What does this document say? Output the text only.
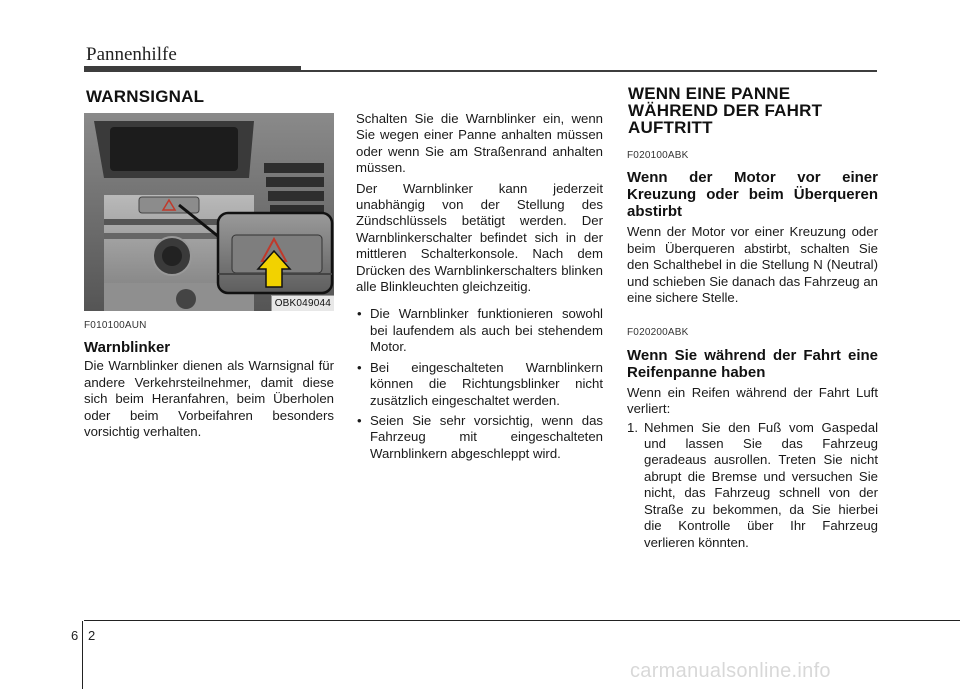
Pannenhilfe
WARNSIGNAL
OBK049044
F010100AUN
Warnblinker

Die Warnblinker dienen als Warnsignal für andere Verkehrsteilnehmer, damit diese sich beim Heranfahren, beim Überholen oder beim Vorbeifahren besonders vorsichtig verhalten.

Schalten Sie die Warnblinker ein, wenn Sie wegen einer Panne anhalten müssen oder wenn Sie am Straßenrand anhalten müssen.

Der Warnblinker kann jederzeit unabhängig von der Stellung des Zündschlüssels betätigt werden. Der Warnblinkerschalter befindet sich in der mittleren Schalterkonsole. Nach dem Drücken des Warnblinkerschalters blinken alle Blinkleuchten gleichzeitig.

• Die Warnblinker funktionieren sowohl bei laufendem als auch bei stehendem Motor.
• Bei eingeschalteten Warnblinkern können die Richtungsblinker nicht zusätzlich eingeschaltet werden.
• Seien Sie sehr vorsichtig, wenn das Fahrzeug mit eingeschalteten Warnblinkern abgeschleppt wird.
WENN EINE PANNE
WÄHREND DER FAHRT
AUFTRITT
F020100ABK
Wenn der Motor vor einer Kreuzung oder beim Überqueren abstirbt

Wenn der Motor vor einer Kreuzung oder beim Überqueren abstirbt, schalten Sie den Schalthebel in die Stellung N (Neutral) und schieben Sie danach das Fahrzeug an eine sichere Stelle.

F020200ABK
Wenn Sie während der Fahrt eine Reifenpanne haben

Wenn ein Reifen während der Fahrt Luft verliert:

1. Nehmen Sie den Fuß vom Gaspedal und lassen Sie das Fahrzeug geradeaus ausrollen. Treten Sie nicht abrupt die Bremse und versuchen Sie nicht, das Fahrzeug schnell von der Straße zu bekommen, da Sie hierbei die Kontrolle über Ihr Fahrzeug verlieren könnten.
6 2
carmanualsonline.info
